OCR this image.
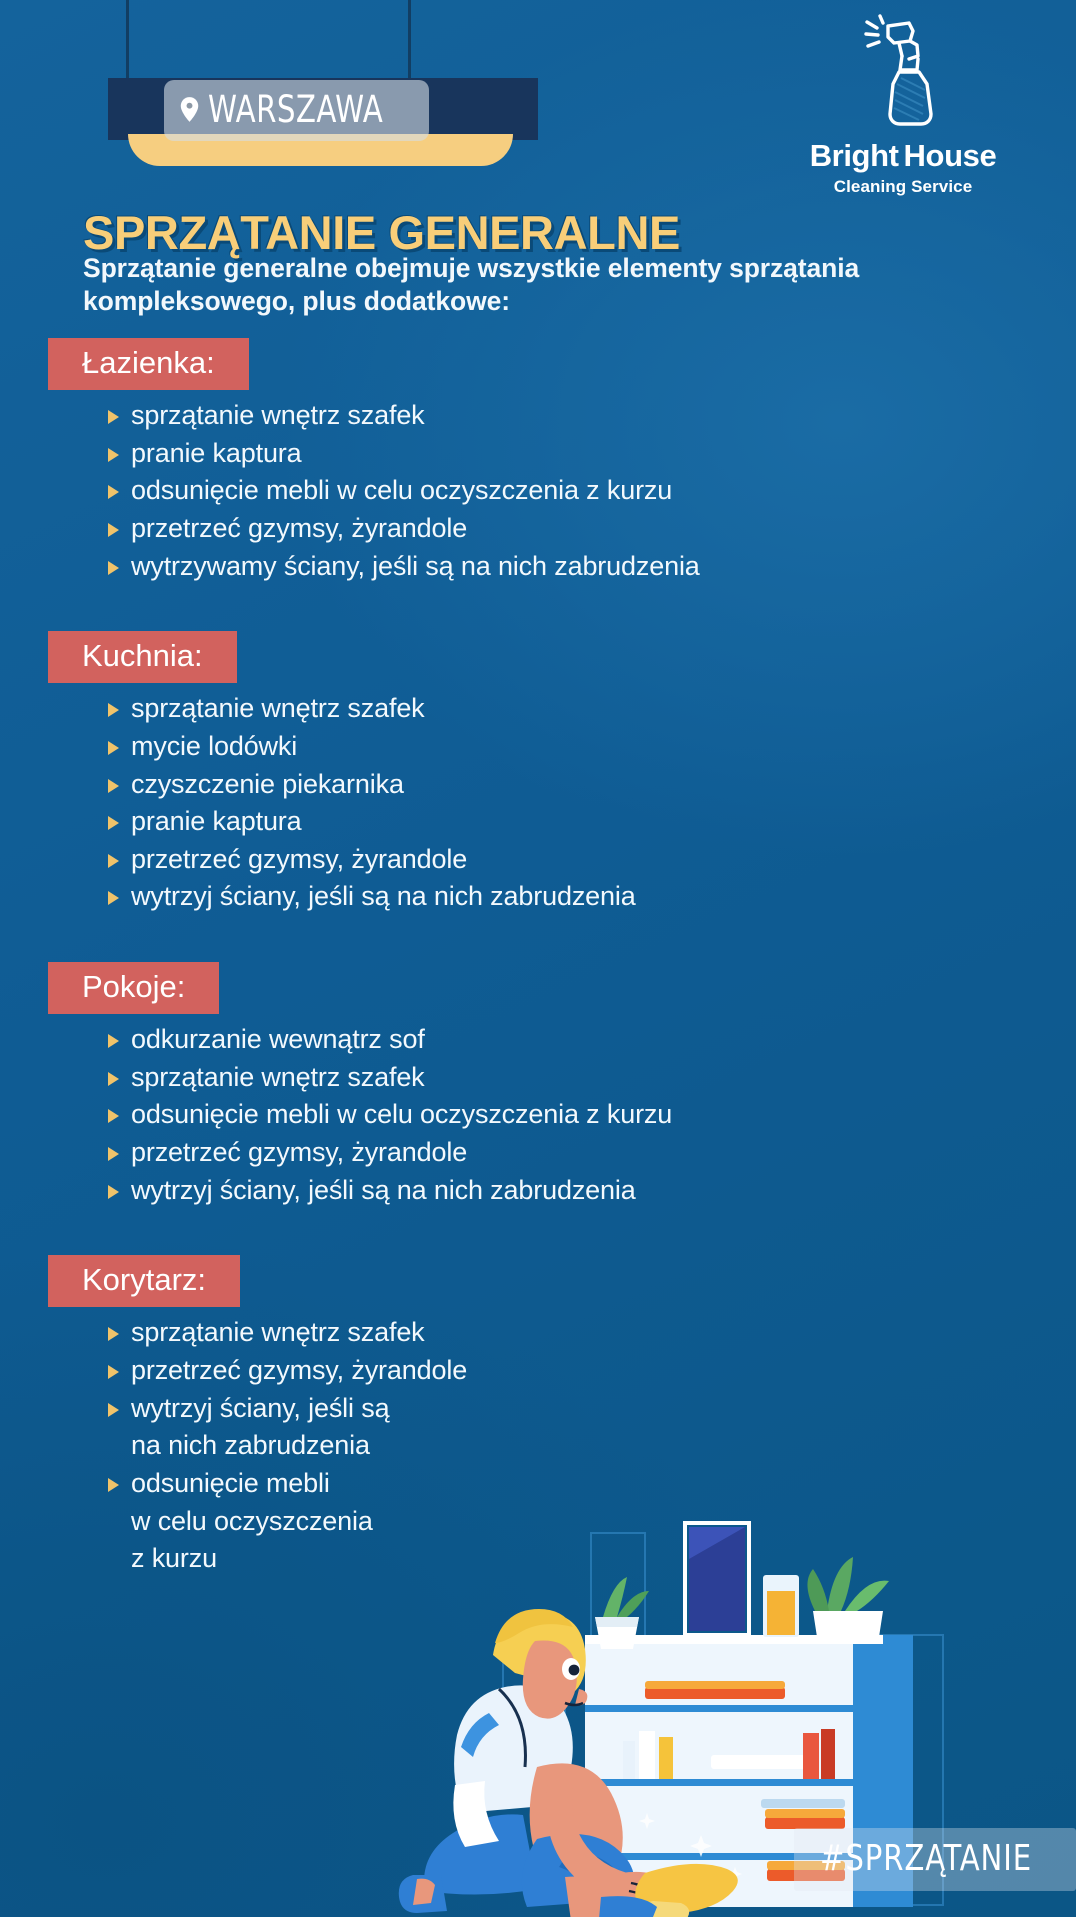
WARSZAWA
Bright House
Cleaning Service
SPRZĄTANIE GENERALNE
Sprzątanie generalne obejmuje wszystkie elementy sprzątania kompleksowego, plus dodatkowe:
Łazienka:
sprzątanie wnętrz szafek
pranie kaptura
odsunięcie mebli w celu oczyszczenia z kurzu
przetrzeć gzymsy, żyrandole
wytrzywamy ściany, jeśli są na nich zabrudzenia
Kuchnia:
sprzątanie wnętrz szafek
mycie lodówki
czyszczenie piekarnika
pranie kaptura
przetrzeć gzymsy, żyrandole
wytrzyj ściany, jeśli są na nich zabrudzenia
Pokoje:
odkurzanie wewnątrz sof
sprzątanie wnętrz szafek
odsunięcie mebli w celu oczyszczenia z kurzu
przetrzeć gzymsy, żyrandole
wytrzyj ściany, jeśli są na nich zabrudzenia
Korytarz:
sprzątanie wnętrz szafek
przetrzeć gzymsy, żyrandole
wytrzyj ściany, jeśli są
na nich zabrudzenia
odsunięcie mebli
w celu oczyszczenia
z kurzu
#SPRZĄTANIE
